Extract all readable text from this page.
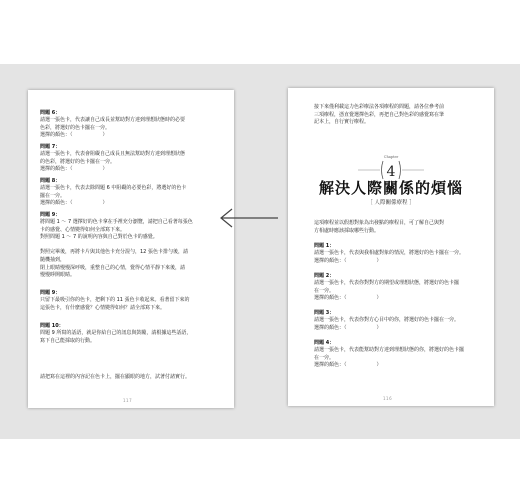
問題 6：
請選一張色卡，代表讓自己成長並幫助對方達到理想狀態時的必要
色彩，將選好的色卡擺在一旁。
選擇的顏色：（　　　　　　）
問題 7：
請選一張色卡，代表會阻礙自己成長且無法幫助對方達到理想狀態
的色彩，將選好的色卡擺在一旁。
選擇的顏色：（　　　　　　）
問題 8：
請選一張色卡，代表去除問題 6 中阻礙的必要色彩，將選好的色卡
擺在一旁。
選擇的顏色：（　　　　　　）
問題 9：
將問題 1 ～ 7 選擇好的色卡拿在手裡充分瀏覽，請把自己看著每張色
卡的感覺、心情變得如何全部寫下來。
對照問題 1 ～ 7 的說明內容與自己對於色卡的感覺。

對照完畢後，再將卡片與其他色卡充分混勻，12 張色卡排勻後，請
隨機抽到，
閉上眼睛慢慢深呼吸，重整自己的心情，覺得心情平靜下來後，請
慢慢睜開眼睛。
問題 9：
只留下最吸引你的色卡，把剩下的 11 張色卡收起來。看著留下來的
這張色卡，有什麼感覺？心情變得如何？請全部寫下來。
問題 10：
問題 9 所寫的話語，就是你給自己的訊息與鼓勵，請根據這些話語，
寫下自己能採取的行動。
請把寫在這裡的內容記在色卡上，擺在顯眼的地方，試著付諸實行。
117
接下來僅利載這力色彩療法各項療程的問題，請各位參考前
三項療程，憑直覺選擇色彩，再把自己對色彩的感覺寫在筆
記本上，自行實行療程。
Chapter
4
解決人際關係的煩惱
［ 人際關係療程 ］
這項療程並以假想對象為出發點的療程目，可了解自己與對
方相處時應該採取哪些行動。
問題 1：
請選一張色卡，代表與我相處對象的情況，將選好的色卡擺在一旁。
選擇的顏色：（　　　　　　）
問題 2：
請選一張色卡，代表你對對方的期望或理想狀態，將選好的色卡擺
在一旁。
選擇的顏色：（　　　　　　）
問題 3：
請選一張色卡，代表你對方心目中的你，將選好的色卡擺在一旁。
選擇的顏色：（　　　　　　）
問題 4：
請選一張色卡，代表能幫助對方達到理想狀態的你，將選好的色卡擺
在一旁。
選擇的顏色：（　　　　　　）
116
